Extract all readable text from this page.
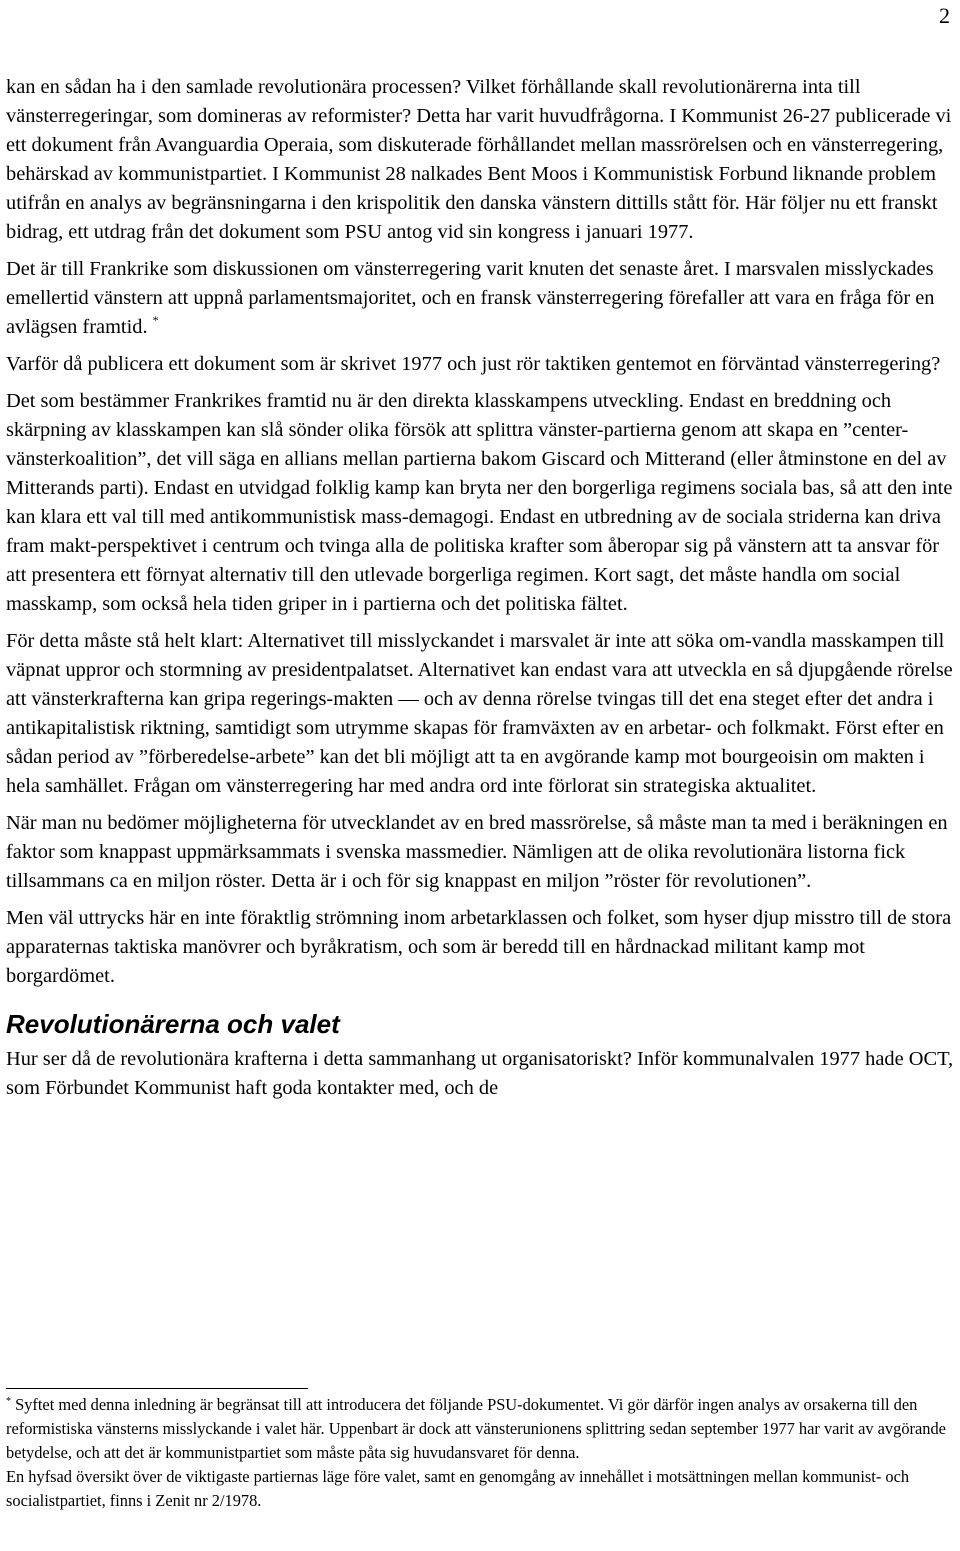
2

kan en sådan ha i den samlade revolutionära processen? Vilket förhållande skall revolutionärerna inta till vänsterregeringar, som domineras av reformister? Detta har varit huvudfrågorna. I Kommunist 26-27 publicerade vi ett dokument från Avanguardia Operaia, som diskuterade förhållandet mellan massrörelsen och en vänsterregering, behärskad av kommunistpartiet. I Kommunist 28 nalkades Bent Moos i Kommunistisk Forbund liknande problem utifrån en analys av begränsningarna i den krispolitik den danska vänstern dittills stått för. Här följer nu ett franskt bidrag, ett utdrag från det dokument som PSU antog vid sin kongress i januari 1977.

Det är till Frankrike som diskussionen om vänsterregering varit knuten det senaste året. I marsvalen misslyckades emellertid vänstern att uppnå parlamentsmajoritet, och en fransk vänsterregering förefaller att vara en fråga för en avlägsen framtid. *

Varför då publicera ett dokument som är skrivet 1977 och just rör taktiken gentemot en förväntad vänsterregering?

Det som bestämmer Frankrikes framtid nu är den direkta klasskampens utveckling. Endast en breddning och skärpning av klasskampen kan slå sönder olika försök att splittra vänster-partierna genom att skapa en ”center-vänsterkoalition”, det vill säga en allians mellan partierna bakom Giscard och Mitterand (eller åtminstone en del av Mitterands parti). Endast en utvidgad folklig kamp kan bryta ner den borgerliga regimens sociala bas, så att den inte kan klara ett val till med antikommunistisk mass-demagogi. Endast en utbredning av de sociala striderna kan driva fram makt-perspektivet i centrum och tvinga alla de politiska krafter som åberopar sig på vänstern att ta ansvar för att presentera ett förnyat alternativ till den utlevade borgerliga regimen. Kort sagt, det måste handla om social masskamp, som också hela tiden griper in i partierna och det politiska fältet.

För detta måste stå helt klart: Alternativet till misslyckandet i marsvalet är inte att söka om-vandla masskampen till väpnat uppror och stormning av presidentpalatset. Alternativet kan endast vara att utveckla en så djupgående rörelse att vänsterkrafterna kan gripa regerings-makten — och av denna rörelse tvingas till det ena steget efter det andra i antikapitalistisk riktning, samtidigt som utrymme skapas för framväxten av en arbetar- och folkmakt. Först efter en sådan period av ”förberedelse-arbete” kan det bli möjligt att ta en avgörande kamp mot bourgeoisin om makten i hela samhället. Frågan om vänsterregering har med andra ord inte förlorat sin strategiska aktualitet.

När man nu bedömer möjligheterna för utvecklandet av en bred massrörelse, så måste man ta med i beräkningen en faktor som knappast uppmärksammats i svenska massmedier. Nämligen att de olika revolutionära listorna fick tillsammans ca en miljon röster. Detta är i och för sig knappast en miljon ”röster för revolutionen”.

Men väl uttrycks här en inte föraktlig strömning inom arbetarklassen och folket, som hyser djup misstro till de stora apparaternas taktiska manövrer och byråkratism, och som är beredd till en hårdnackad militant kamp mot borgardömet.

Revolutionärerna och valet

Hur ser då de revolutionära krafterna i detta sammanhang ut organisatoriskt? Inför kommunalvalen 1977 hade OCT, som Förbundet Kommunist haft goda kontakter med, och de

* Syftet med denna inledning är begränsat till att introducera det följande PSU-dokumentet. Vi gör därför ingen analys av orsakerna till den reformistiska vänsterns misslyckande i valet här. Uppenbart är dock att vänsterunionens splittring sedan september 1977 har varit av avgörande betydelse, och att det är kommunistpartiet som måste påta sig huvudansvaret för denna.

En hyfsad översikt över de viktigaste partiernas läge före valet, samt en genomgång av innehållet i motsättningen mellan kommunist- och socialistpartiet, finns i Zenit nr 2/1978.
